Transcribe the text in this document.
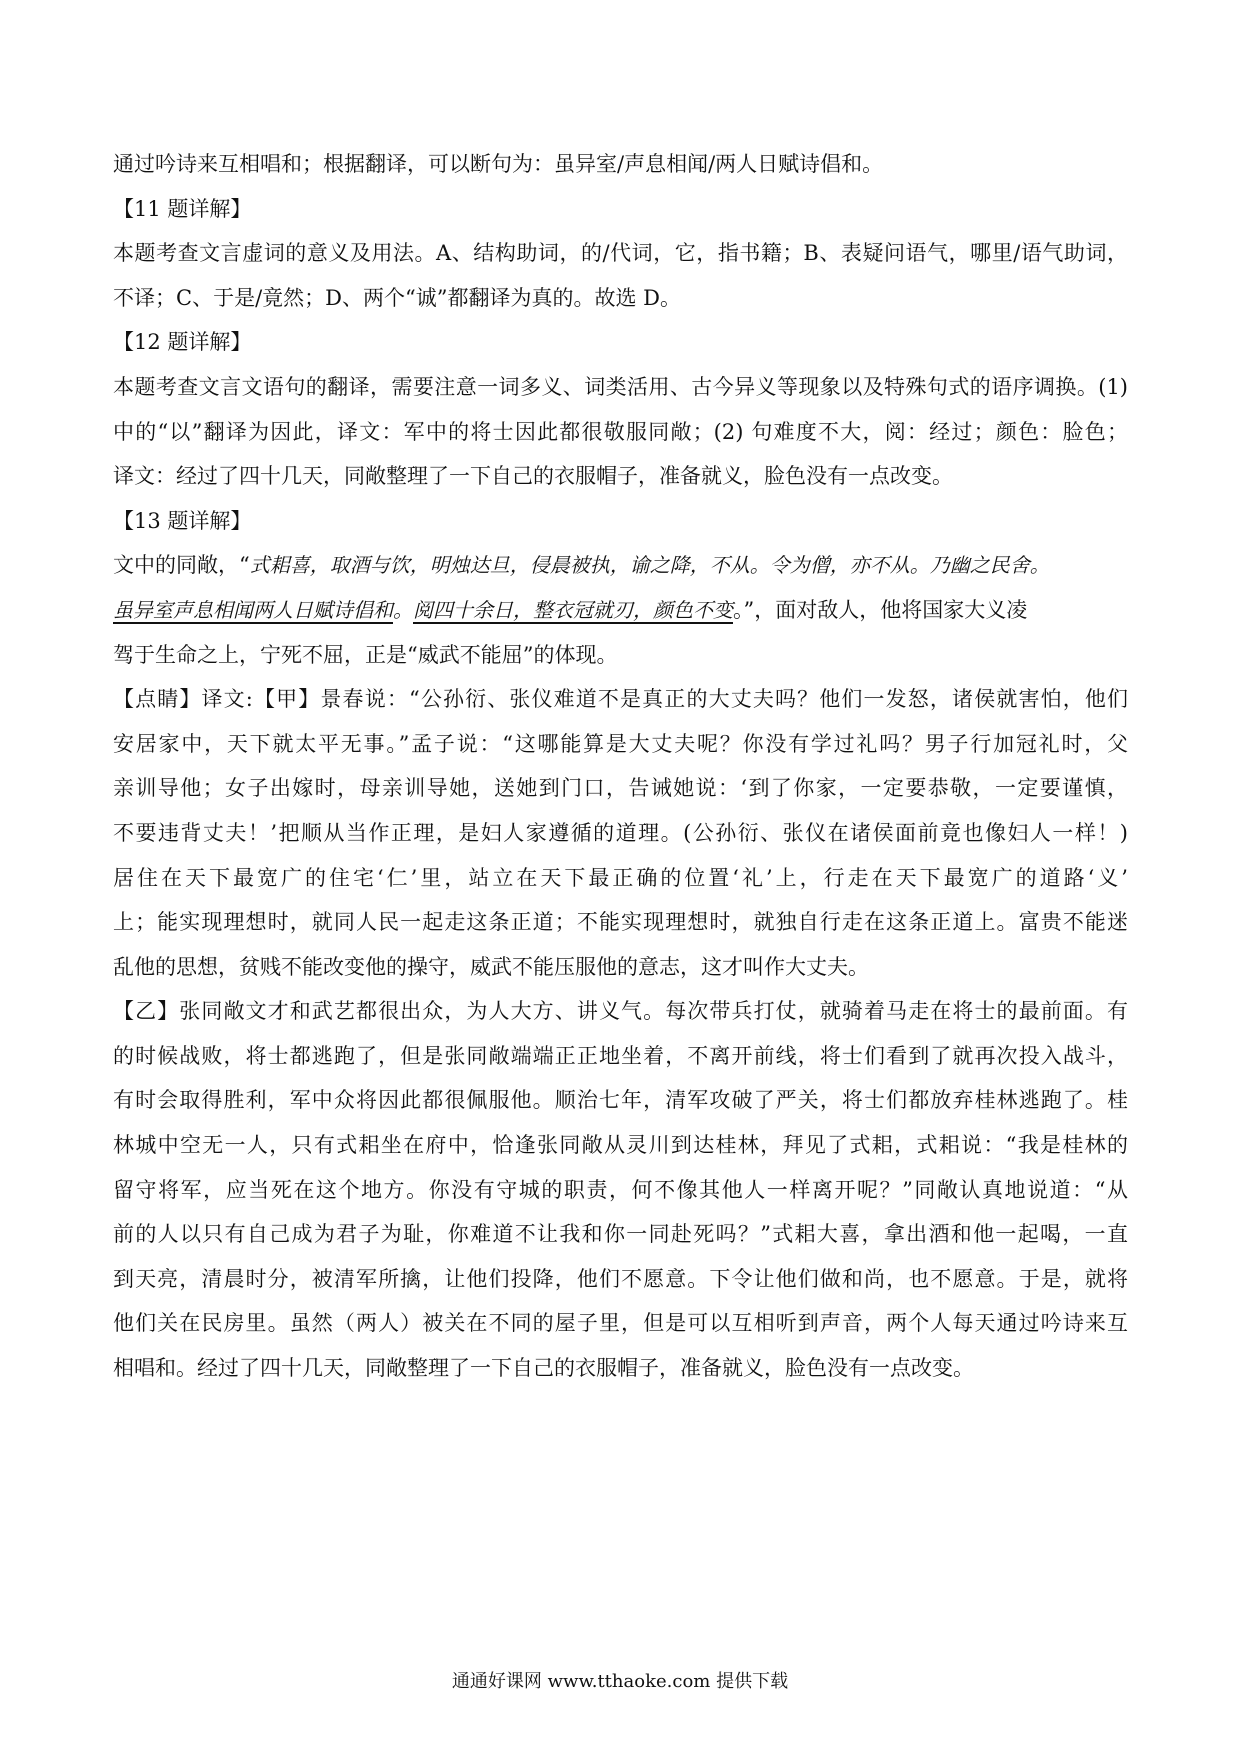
通过吟诗来互相唱和；根据翻译，可以断句为：虽异室/声息相闻/两人日赋诗倡和。
【11 题详解】
本题考查文言虚词的意义及用法。A、结构助词，的/代词，它，指书籍；B、表疑问语气，哪里/语气助词，
不译；C、于是/竟然；D、两个“诚”都翻译为真的。故选 D。
【12 题详解】
本题考查文言文语句的翻译，需要注意一词多义、词类活用、古今异义等现象以及特殊句式的语序调换。(1)
中的“以”翻译为因此，译文：军中的将士因此都很敬服同敞；(2) 句难度不大，阅：经过；颜色：脸色；
译文：经过了四十几天，同敞整理了一下自己的衣服帽子，准备就义，脸色没有一点改变。
【13 题详解】
文中的同敞，“式耜喜，取酒与饮，明烛达旦，侵晨被执，谕之降，不从。令为僧，亦不从。乃幽之民舍。
虽异室声息相闻两人日赋诗倡和。阅四十余日，整衣冠就刃，颜色不变。”，面对敌人，他将国家大义凌
驾于生命之上，宁死不屈，正是“威武不能屈”的体现。
【点睛】译文:【甲】景春说：“公孙衍、张仪难道不是真正的大丈夫吗？他们一发怒，诸侯就害怕，他们
安居家中，天下就太平无事。”孟子说：“这哪能算是大丈夫呢？你没有学过礼吗？男子行加冠礼时，父
亲训导他；女子出嫁时，母亲训导她，送她到门口，告诫她说：‘到了你家，一定要恭敬，一定要谨慎，
不要违背丈夫！’把顺从当作正理，是妇人家遵循的道理。(公孙衍、张仪在诸侯面前竟也像妇人一样！)
居住在天下最宽广的住宅‘仁’里，站立在天下最正确的位置‘礼’上，行走在天下最宽广的道路‘义’
上；能实现理想时，就同人民一起走这条正道；不能实现理想时，就独自行走在这条正道上。富贵不能迷
乱他的思想，贫贱不能改变他的操守，威武不能压服他的意志，这才叫作大丈夫。
【乙】张同敞文才和武艺都很出众，为人大方、讲义气。每次带兵打仗，就骑着马走在将士的最前面。有
的时候战败，将士都逃跑了，但是张同敞端端正正地坐着，不离开前线，将士们看到了就再次投入战斗，
有时会取得胜利，军中众将因此都很佩服他。顺治七年，清军攻破了严关，将士们都放弃桂林逃跑了。桂
林城中空无一人，只有式耜坐在府中，恰逢张同敞从灵川到达桂林，拜见了式耜，式耜说：“我是桂林的
留守将军，应当死在这个地方。你没有守城的职责，何不像其他人一样离开呢？”同敞认真地说道：“从
前的人以只有自己成为君子为耻，你难道不让我和你一同赴死吗？”式耜大喜，拿出酒和他一起喝，一直
到天亮，清晨时分，被清军所擒，让他们投降，他们不愿意。下令让他们做和尚，也不愿意。于是，就将
他们关在民房里。虽然（两人）被关在不同的屋子里，但是可以互相听到声音，两个人每天通过吟诗来互
相唱和。经过了四十几天，同敞整理了一下自己的衣服帽子，准备就义，脸色没有一点改变。
通通好课网 www.tthaoke.com 提供下载
